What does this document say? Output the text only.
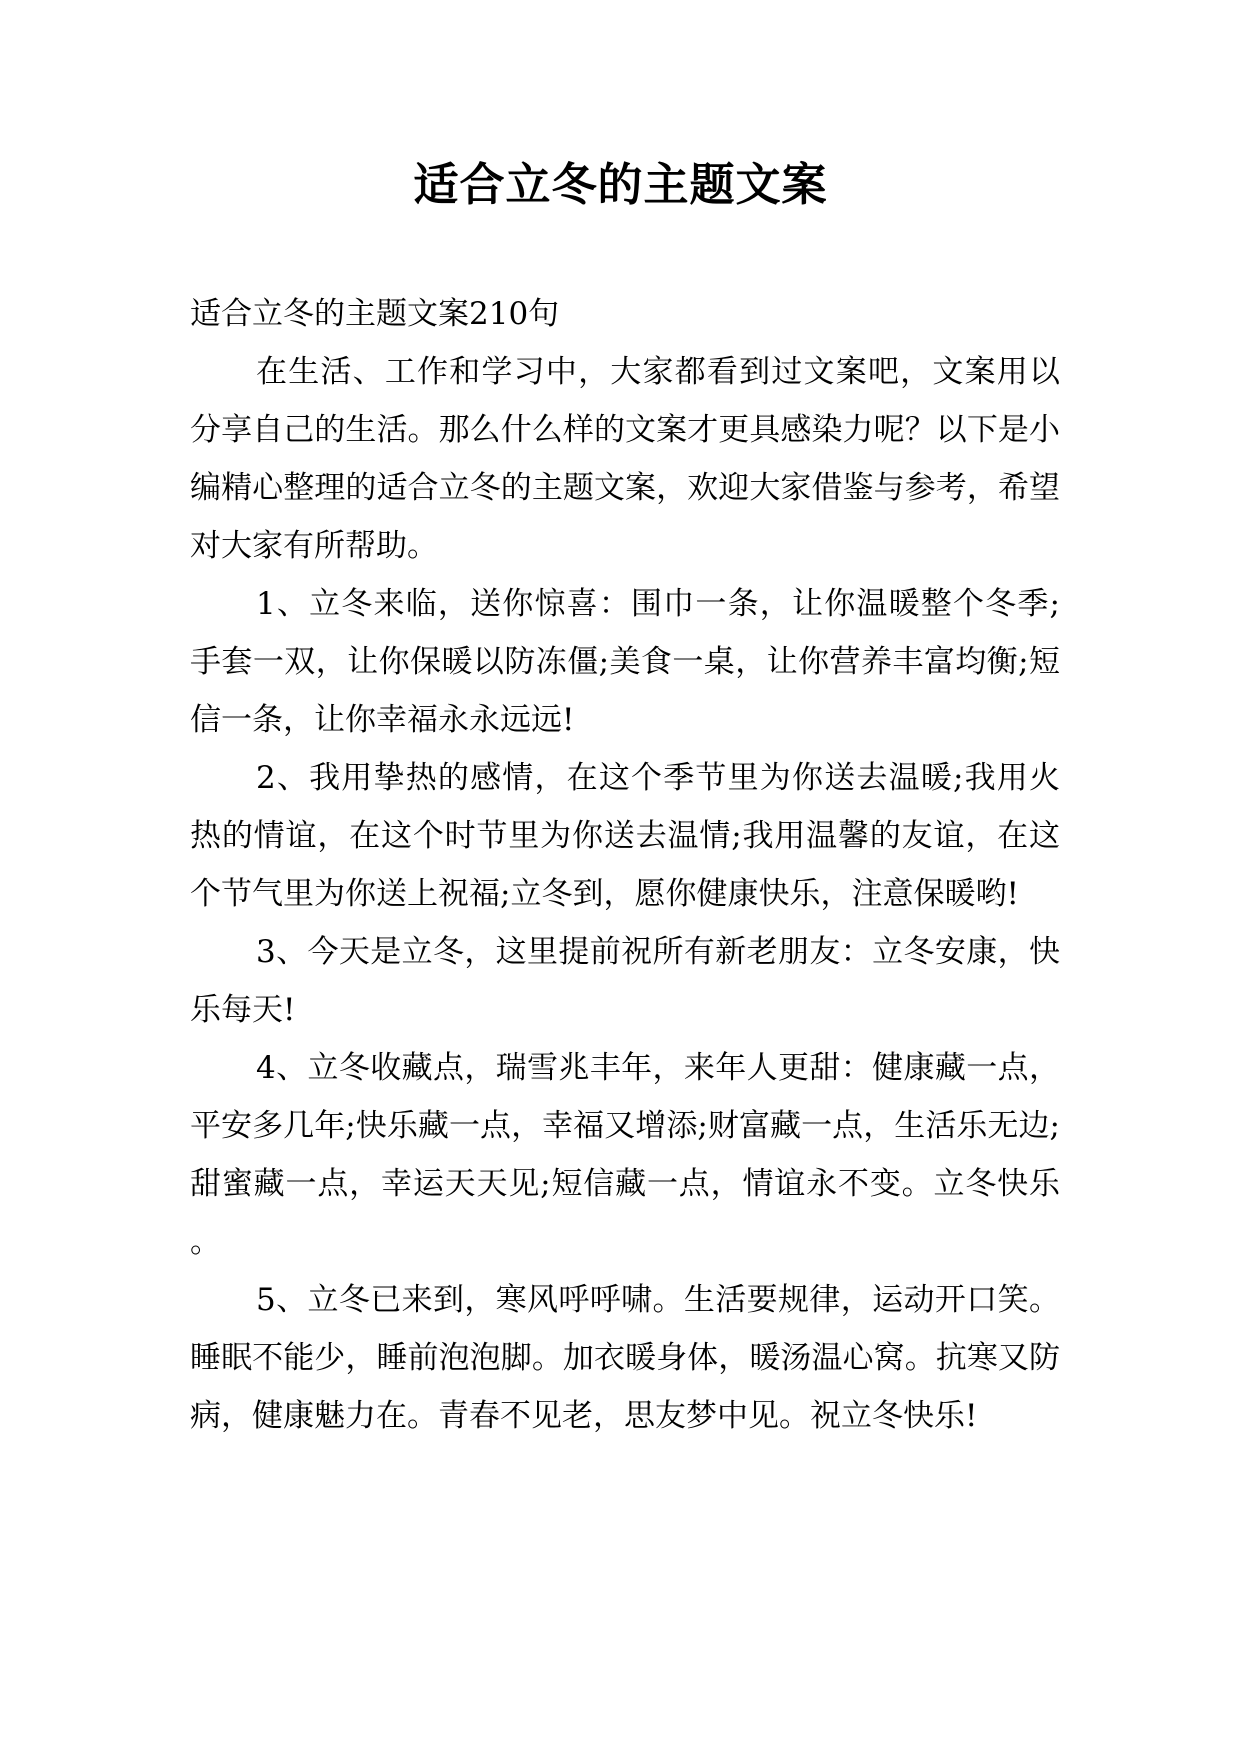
适合立冬的主题文案

适合立冬的主题文案210句

在生活、工作和学习中，大家都看到过文案吧，文案用以分享自己的生活。那么什么样的文案才更具感染力呢？以下是小编精心整理的适合立冬的主题文案，欢迎大家借鉴与参考，希望对大家有所帮助。

1、立冬来临，送你惊喜：围巾一条，让你温暖整个冬季;手套一双，让你保暖以防冻僵;美食一桌，让你营养丰富均衡;短信一条，让你幸福永永远远!

2、我用挚热的感情，在这个季节里为你送去温暖;我用火热的情谊，在这个时节里为你送去温情;我用温馨的友谊，在这个节气里为你送上祝福;立冬到，愿你健康快乐，注意保暖哟!

3、今天是立冬，这里提前祝所有新老朋友：立冬安康，快乐每天!

4、立冬收藏点，瑞雪兆丰年，来年人更甜：健康藏一点，平安多几年;快乐藏一点，幸福又增添;财富藏一点，生活乐无边;甜蜜藏一点，幸运天天见;短信藏一点，情谊永不变。立冬快乐。

5、立冬已来到，寒风呼呼啸。生活要规律，运动开口笑。睡眠不能少，睡前泡泡脚。加衣暖身体，暖汤温心窝。抗寒又防病，健康魅力在。青春不见老，思友梦中见。祝立冬快乐!
